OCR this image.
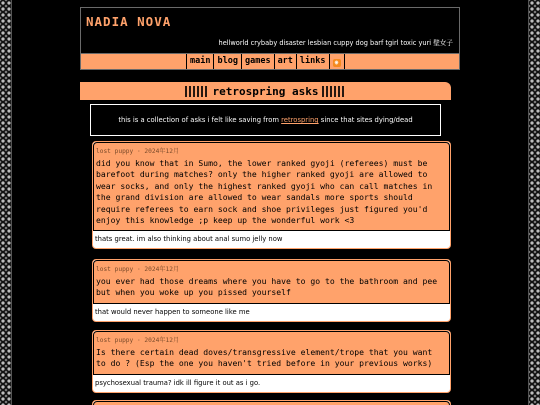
NADIA NOVA
hellworld crybaby disaster lesbian cuppy dog barf tgirl toxic yuri 壁女子
main blog games art links	◉
retrospring asks
this is a collection of asks i felt like saving from retrospring since that sites dying/dead
lost puppy · 2024年12月
did you know that in Sumo, the lower ranked gyoji (referees) must be barefoot during matches? only the higher ranked gyoji are allowed to wear socks, and only the highest ranked gyoji who can call matches in the grand division are allowed to wear sandals more sports should require referees to earn sock and shoe privileges just figured you'd enjoy this knowledge ;p keep up the wonderful work <3
thats great. im also thinking about anal sumo jelly now
lost puppy · 2024年12月
you ever had those dreams where you have to go to the bathroom and pee but when you woke up you pissed yourself
that would never happen to someone like me
lost puppy · 2024年12月
Is there certain dead doves/transgressive element/trope that you want to do ? (Esp the one you haven't tried before in your previous works)
psychosexual trauma? idk ill figure it out as i go.
